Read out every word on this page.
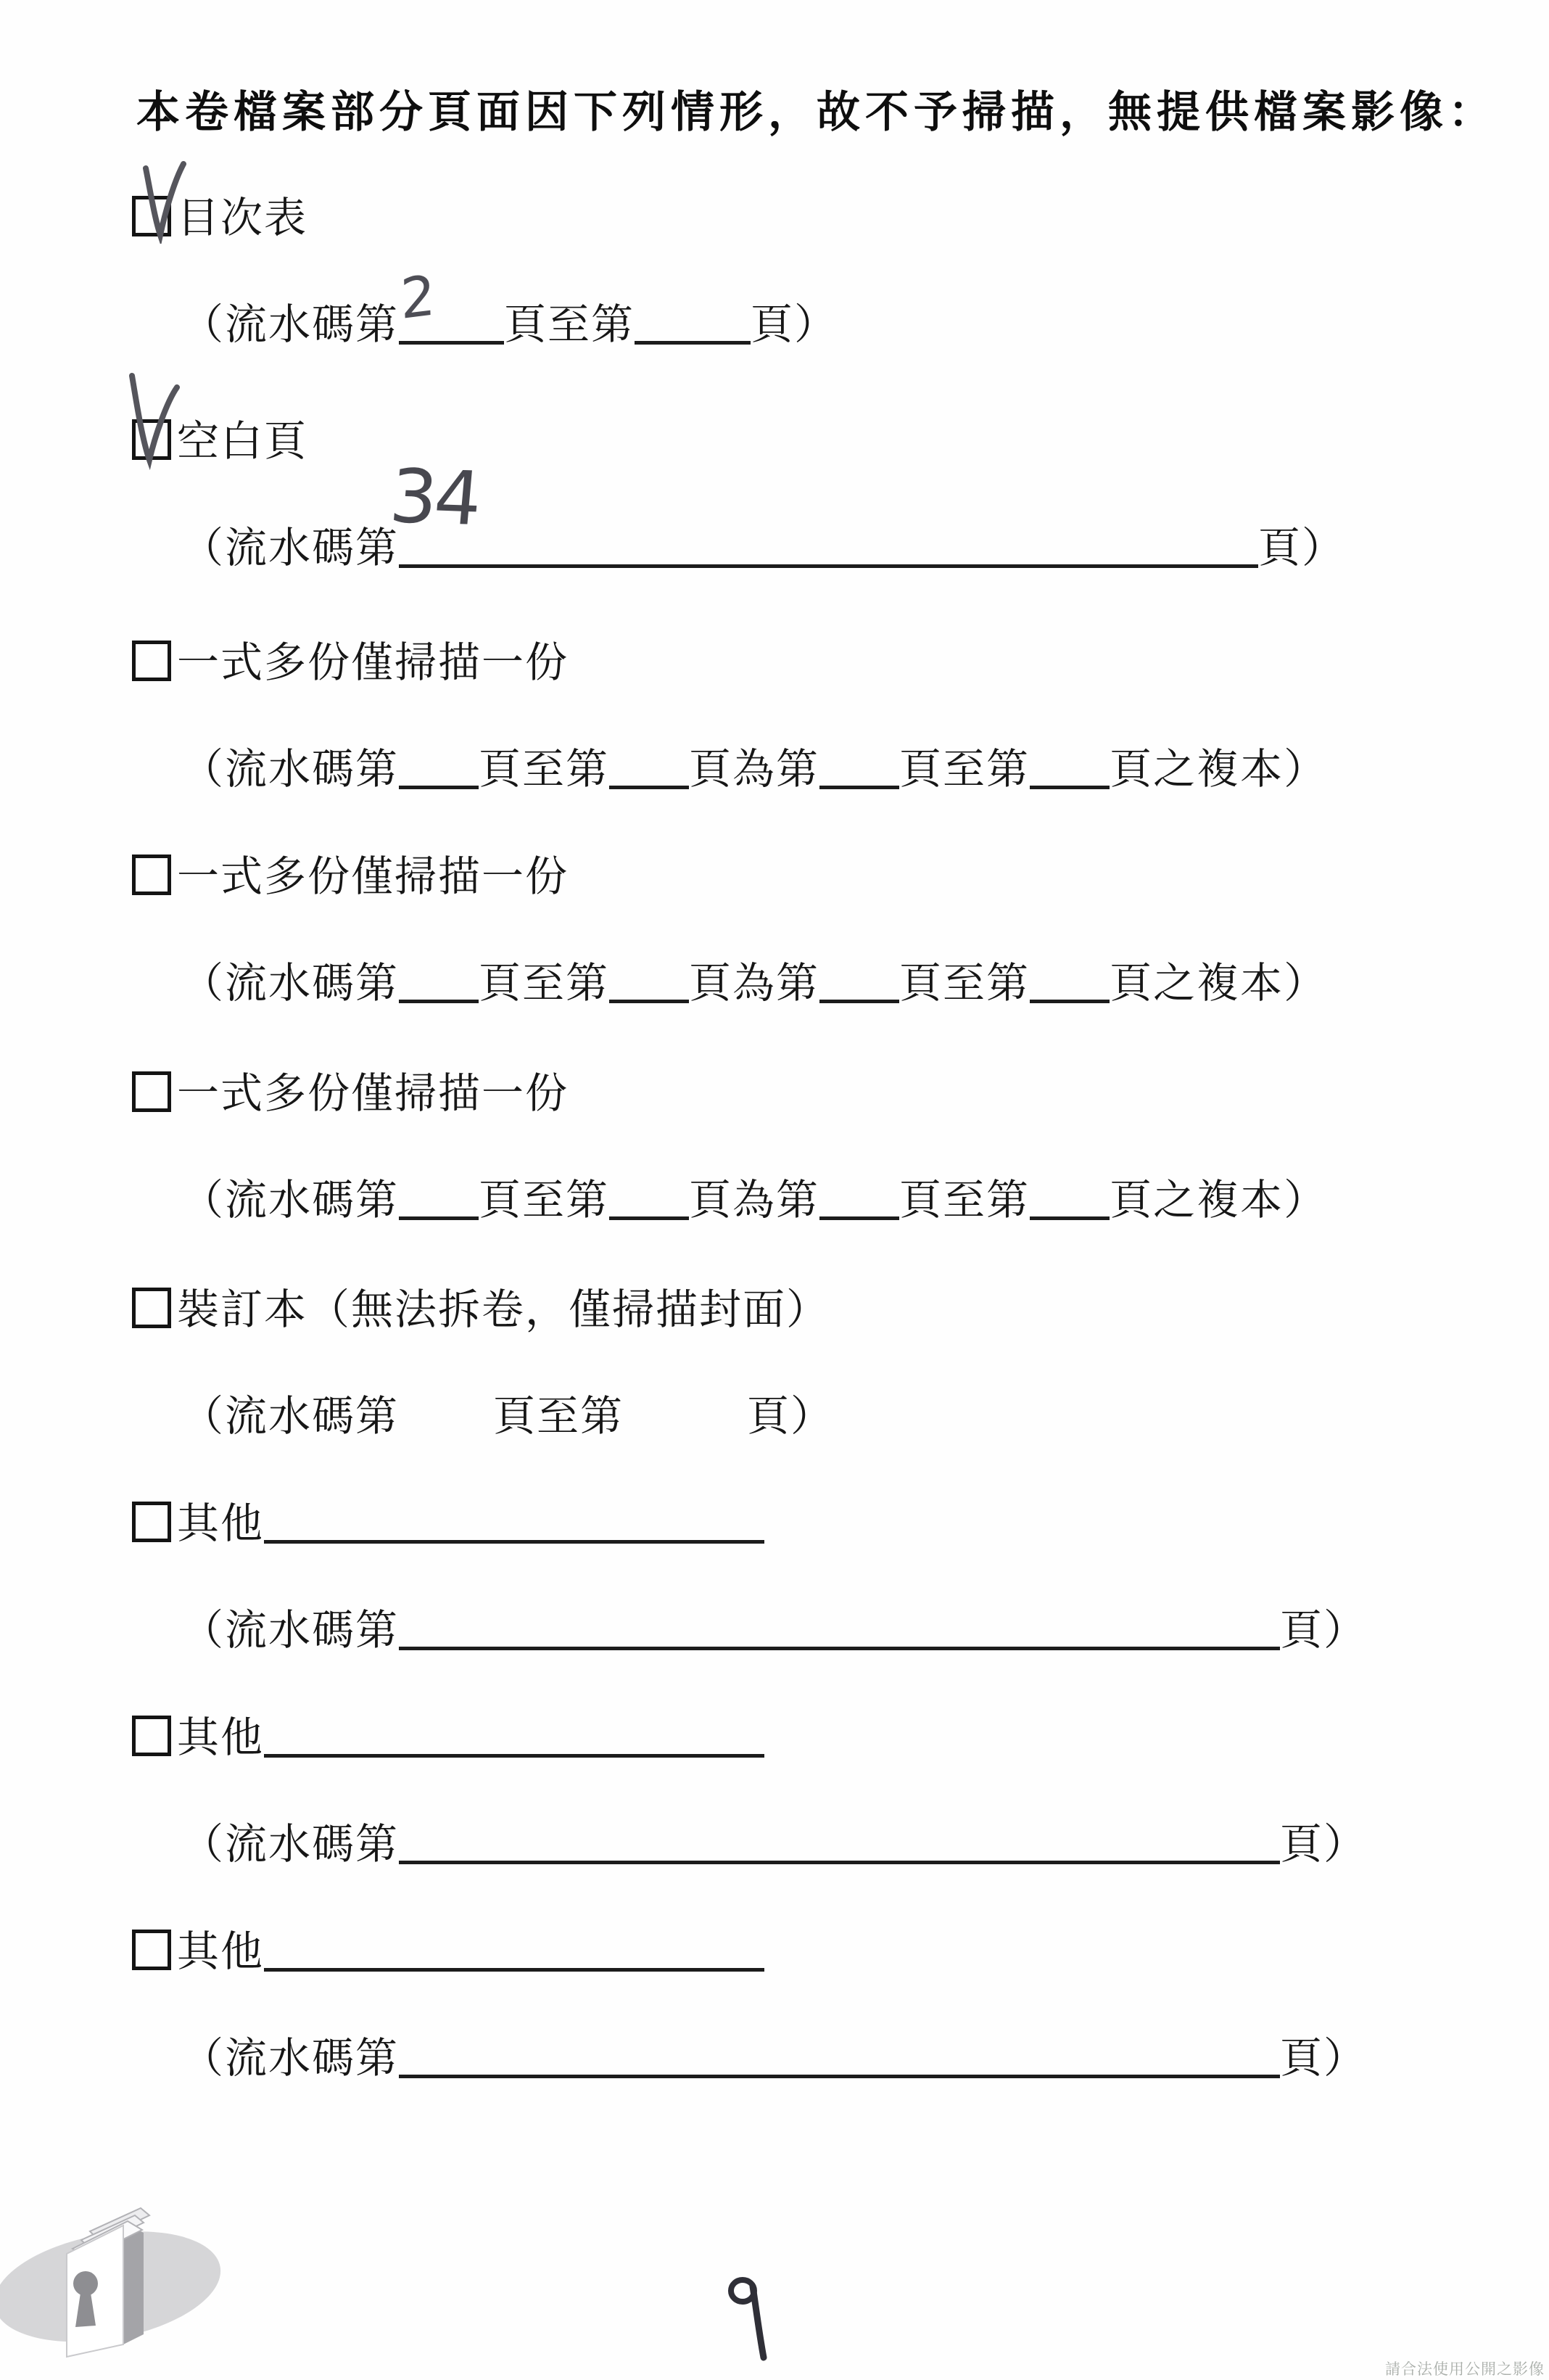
本卷檔案部分頁面因下列情形，故不予掃描，無提供檔案影像：
目次表
（流水碼第	頁至第	頁）
2
空白頁
（流水碼第	頁）
34
一式多份僅掃描一份
（流水碼第 頁至第 頁為第 頁至第 頁之複本）
一式多份僅掃描一份
（流水碼第 頁至第 頁為第 頁至第 頁之複本）
一式多份僅掃描一份
（流水碼第 頁至第 頁為第 頁至第 頁之複本）
裝訂本（無法拆卷，僅掃描封面）
（流水碼第 頁至第	頁）
其他
（流水碼第	頁）
其他
（流水碼第	頁）
其他
（流水碼第	頁）
請合法使用公開之影像
